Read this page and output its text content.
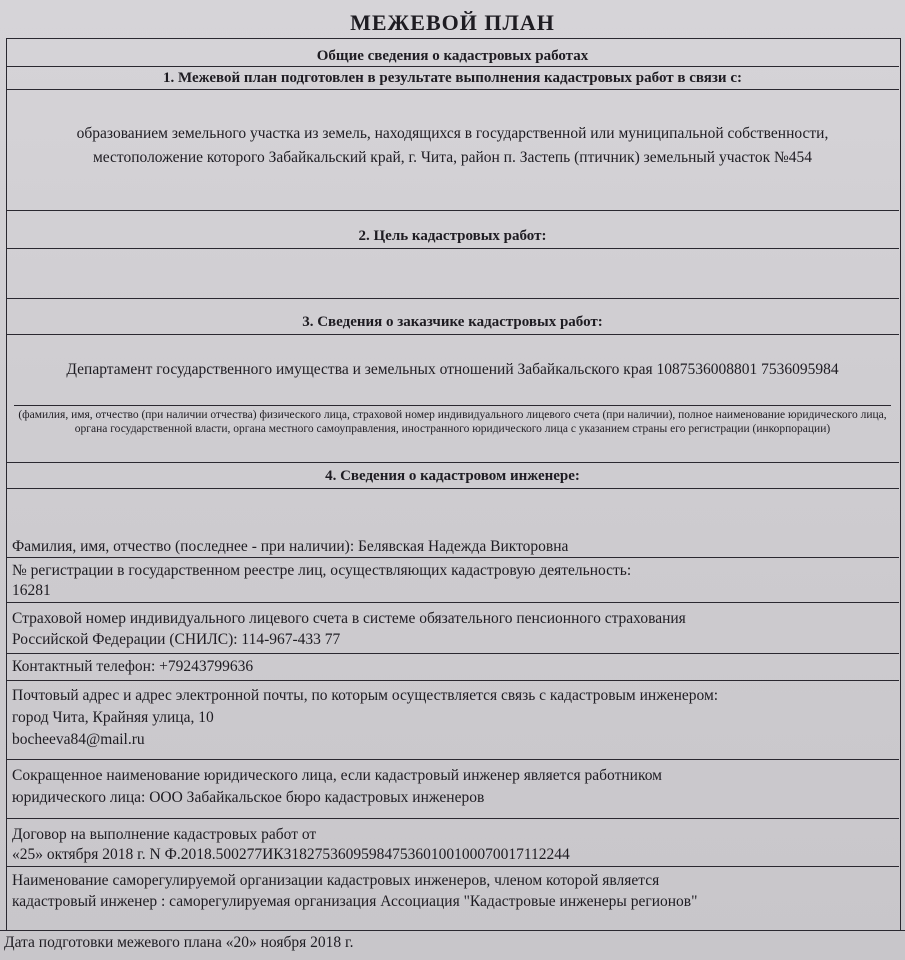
МЕЖЕВОЙ ПЛАН
Общие сведения о кадастровых работах
1. Межевой план подготовлен в результате выполнения кадастровых работ в связи с:
образованием земельного участка из земель, находящихся в государственной или муниципальной собственности, местоположение которого Забайкальский край, г. Чита, район п. Застепь (птичник) земельный участок №454
2. Цель кадастровых работ:
3. Сведения о заказчике кадастровых работ:
Департамент государственного имущества и земельных отношений Забайкальского края 1087536008801 7536095984
(фамилия, имя, отчество (при наличии отчества) физического лица, страховой номер индивидуального лицевого счета (при наличии), полное наименование юридического лица, органа государственной власти, органа местного самоуправления, иностранного юридического лица с указанием страны его регистрации (инкорпорации)
4. Сведения о кадастровом инженере:
Фамилия, имя, отчество (последнее - при наличии): Белявская Надежда Викторовна
№ регистрации в государственном реестре лиц, осуществляющих кадастровую деятельность:
16281
Страховой номер индивидуального лицевого счета в системе обязательного пенсионного страхования
Российской Федерации (СНИЛС): 114-967-433 77
Контактный телефон: +79243799636
Почтовый адрес и адрес электронной почты, по которым осуществляется связь с кадастровым инженером:
город Чита, Крайняя улица, 10
bocheeva84@mail.ru
Сокращенное наименование юридического лица, если кадастровый инженер является работником
юридического лица: ООО Забайкальское бюро кадастровых инженеров
Договор на выполнение кадастровых работ от
«25» октября 2018 г. N Ф.2018.500277ИКЗ182753609598475360100100070017112244
Наименование саморегулируемой организации кадастровых инженеров, членом которой является
кадастровый инженер : саморегулируемая организация Ассоциация "Кадастровые инженеры регионов"
Дата подготовки межевого плана «20» ноября 2018 г.
